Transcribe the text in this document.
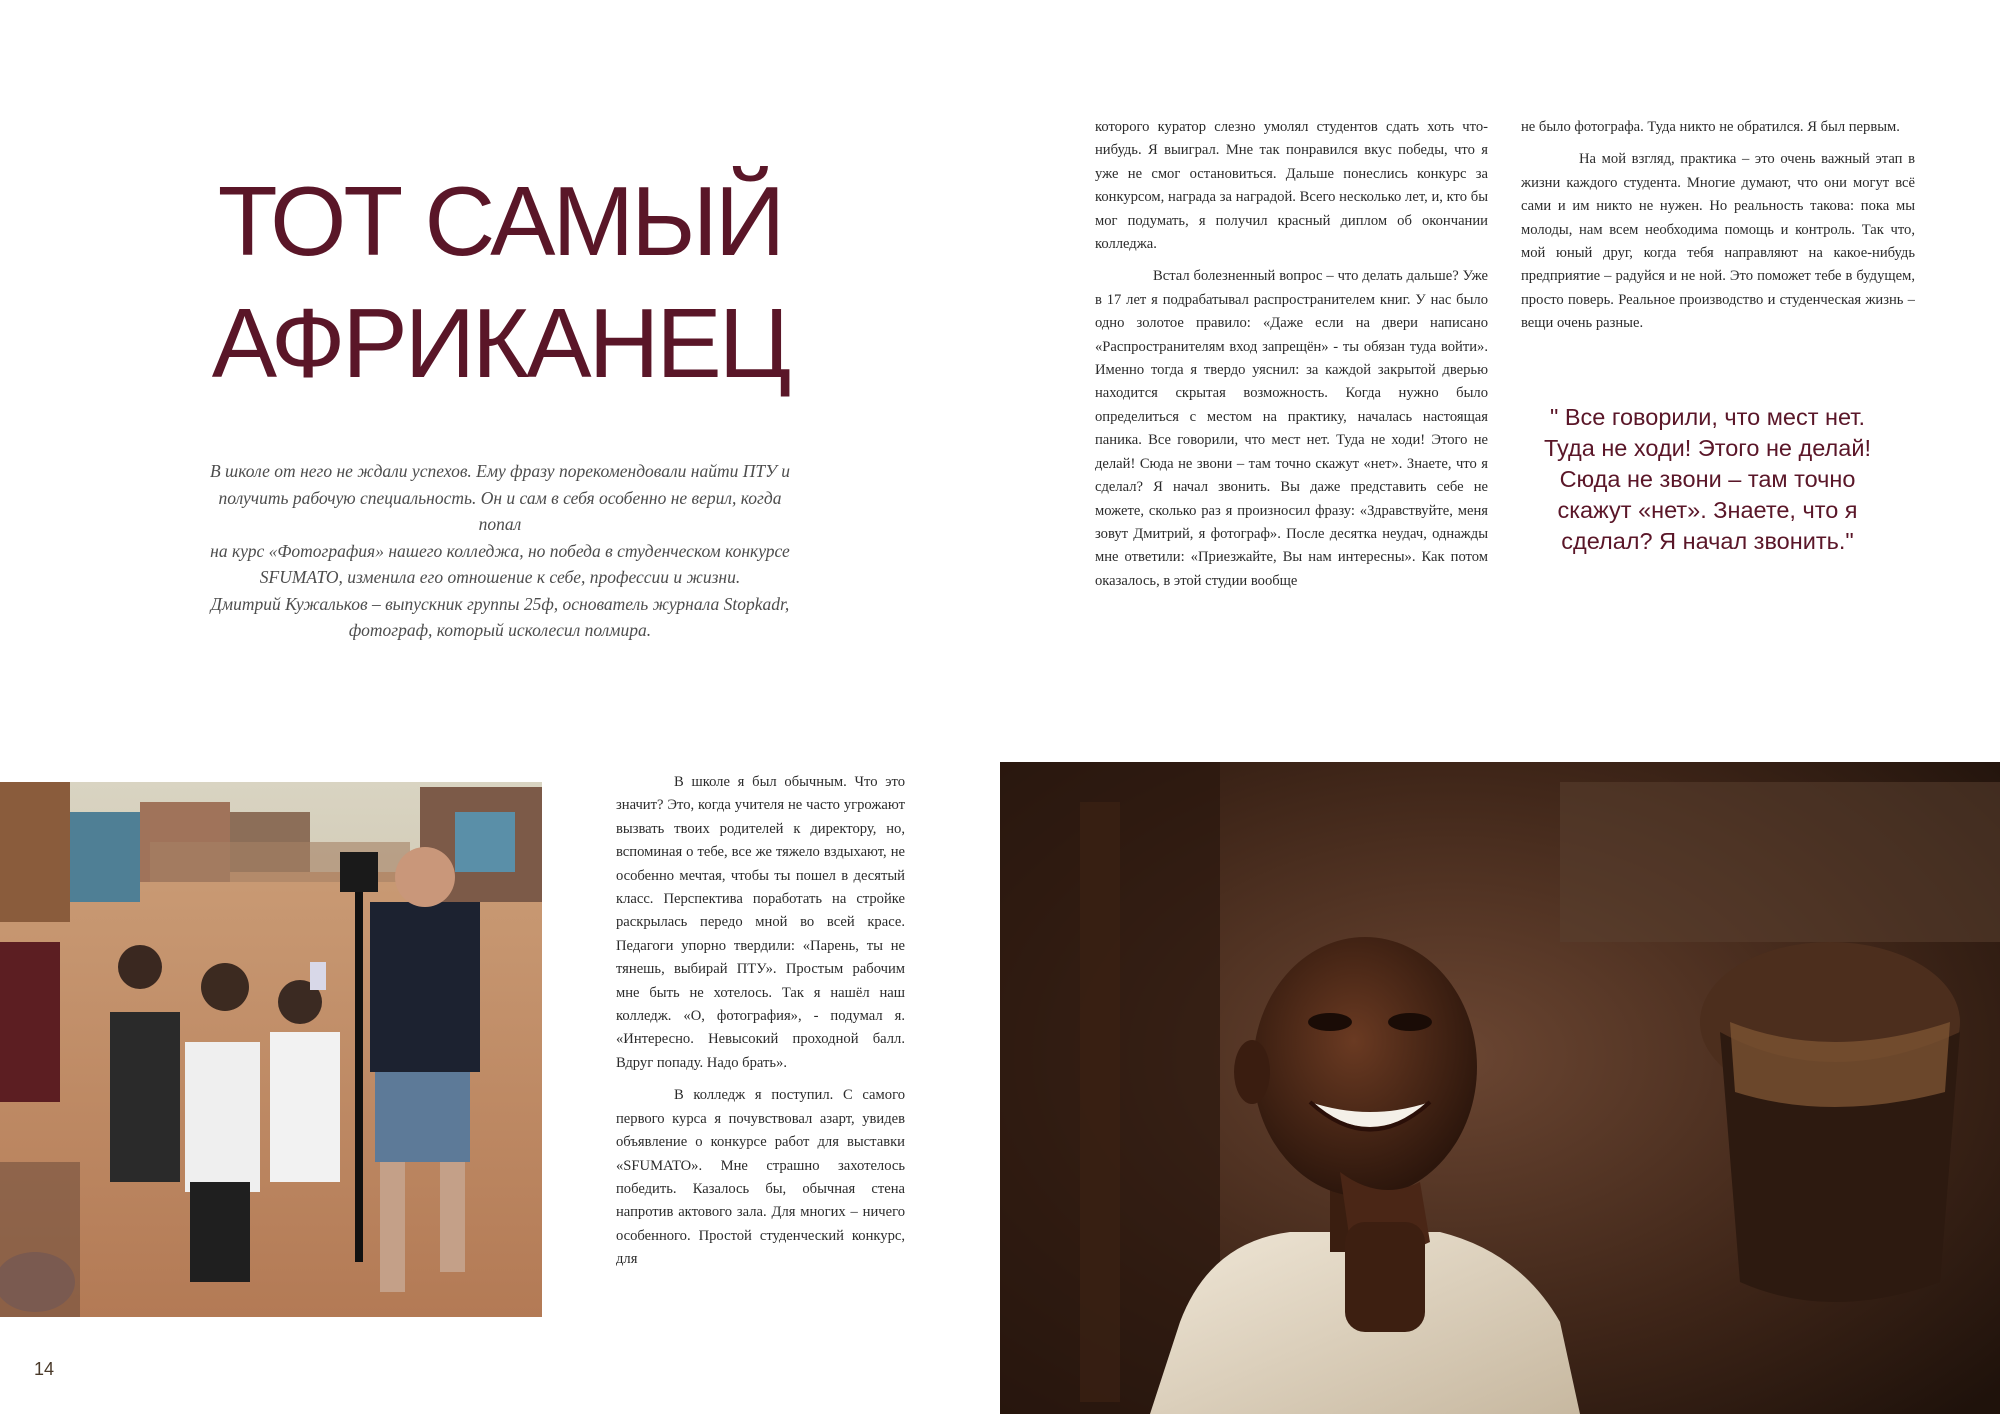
ТОТ САМЫЙ
АФРИКАНЕЦ
В школе от него не ждали успехов. Ему фразу порекомендовали найти ПТУ и
получить рабочую специальность. Он и сам в себя особенно не верил, когда попал
на курс «Фотография» нашего колледжа, но победа в студенческом конкурсе
SFUMATO, изменила его отношение к себе, профессии и жизни.
Дмитрий Кужальков – выпускник группы 25ф, основатель журнала Stopkadr,
фотограф, который исколесил полмира.

В школе я был обычным. Что это значит? Это, когда учителя не часто угрожают вызвать твоих родителей к директору, но, вспоминая о тебе, все же тяжело вздыхают, не особенно мечтая, чтобы ты пошел в десятый класс. Перспектива поработать на стройке раскрылась передо мной во всей красе. Педагоги упорно твердили: «Парень, ты не тянешь, выбирай ПТУ». Простым рабочим мне быть не хотелось. Так я нашёл наш колледж. «О, фотография», - подумал я. «Интересно. Невысокий проходной балл. Вдруг попаду. Надо брать».

В колледж я поступил. С самого первого курса я почувствовал азарт, увидев объявление о конкурсе работ для выставки «SFUMATO». Мне страшно захотелось победить. Казалось бы, обычная стена напротив актового зала. Для многих – ничего особенного. Простой студенческий конкурс, для

которого куратор слезно умолял студентов сдать хоть что-нибудь. Я выиграл. Мне так понравился вкус победы, что я уже не смог остановиться. Дальше понеслись конкурс за конкурсом, награда за наградой. Всего несколько лет, и, кто бы мог подумать, я получил красный диплом об окончании колледжа.

Встал болезненный вопрос – что делать дальше? Уже в 17 лет я подрабатывал распространителем книг. У нас было одно золотое правило: «Даже если на двери написано «Распространителям вход запрещён» - ты обязан туда войти». Именно тогда я твердо уяснил: за каждой закрытой дверью находится скрытая возможность. Когда нужно было определиться с местом на практику, началась настоящая паника. Все говорили, что мест нет. Туда не ходи! Этого не делай! Сюда не звони – там точно скажут «нет». Знаете, что я сделал? Я начал звонить. Вы даже представить себе не можете, сколько раз я произносил фразу: «Здравствуйте, меня зовут Дмитрий, я фотограф». После десятка неудач, однажды мне ответили: «Приезжайте, Вы нам интересны». Как потом оказалось, в этой студии вообще

не было фотографа. Туда никто не обратился. Я был первым.

На мой взгляд, практика – это очень важный этап в жизни каждого студента. Многие думают, что они могут всё сами и им никто не нужен. Но реальность такова: пока мы молоды, нам всем необходима помощь и контроль. Так что, мой юный друг, когда тебя направляют на какое-нибудь предприятие – радуйся и не ной. Это поможет тебе в будущем, просто поверь. Реальное производство и студенческая жизнь – вещи очень разные.

" Все говорили, что мест нет.
Туда не ходи! Этого не делай!
Сюда не звони – там точно
скажут «нет». Знаете, что я
сделал? Я начал звонить."
14
